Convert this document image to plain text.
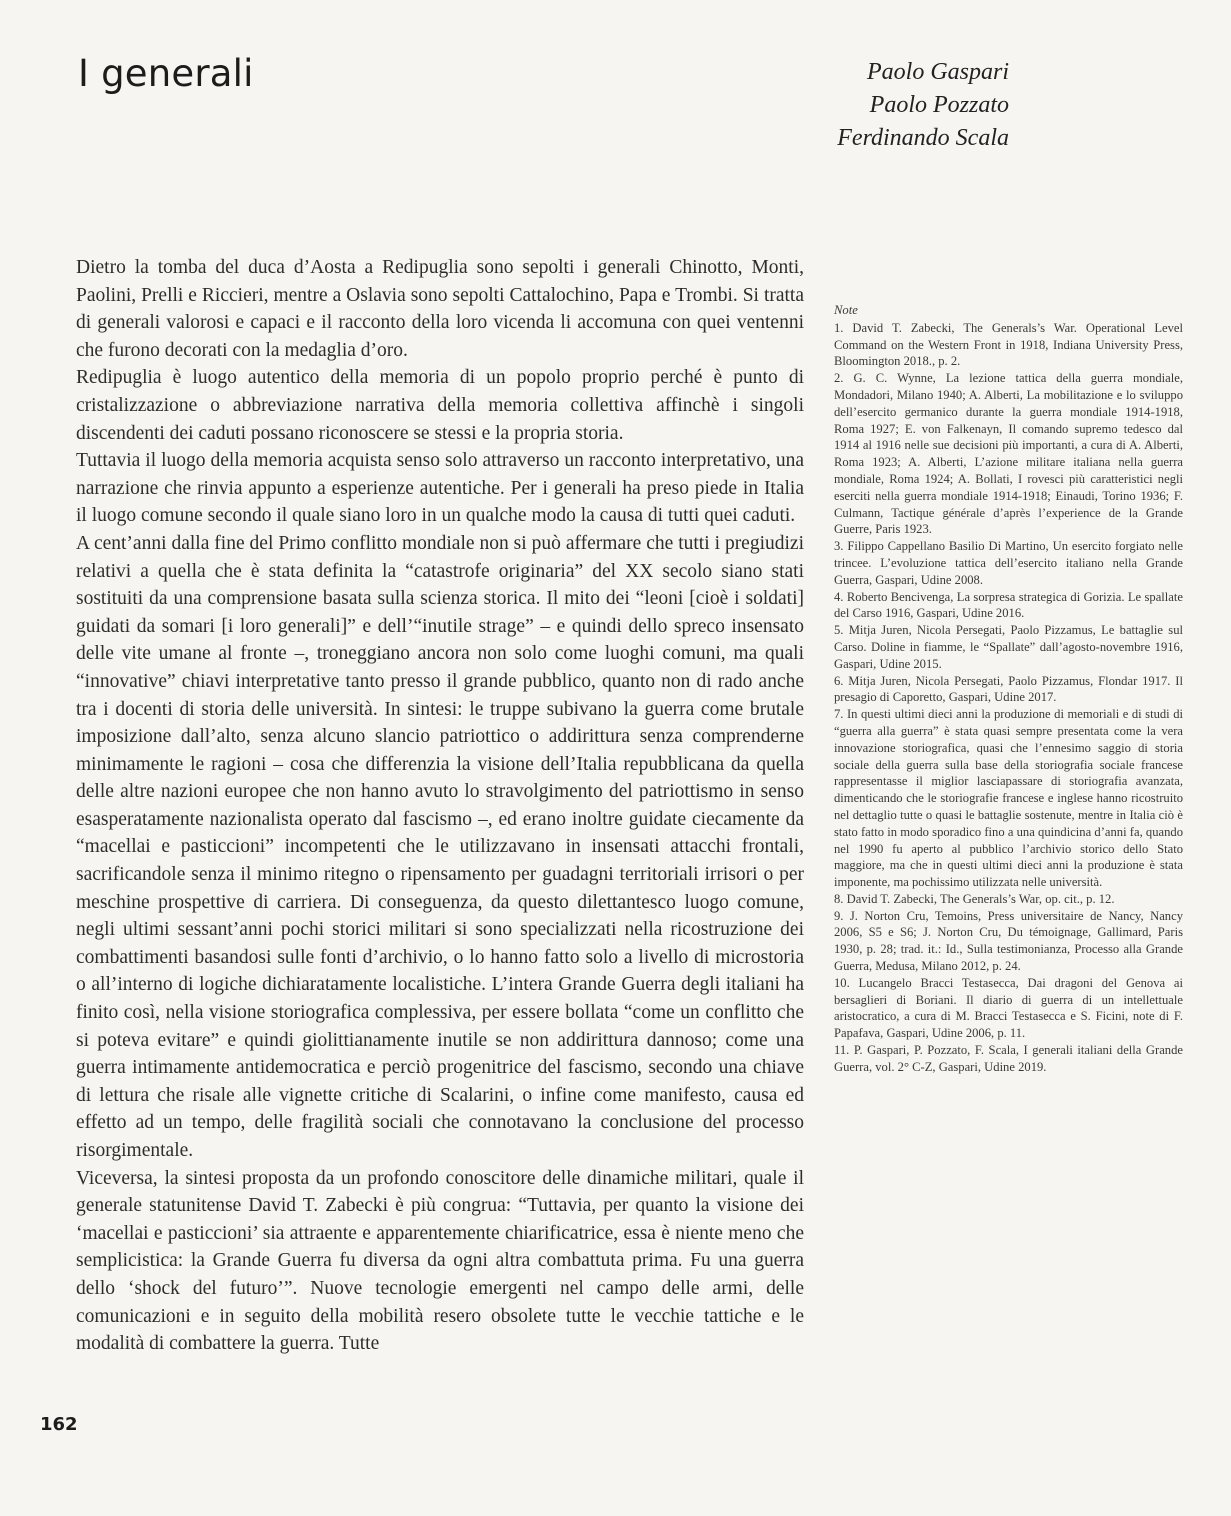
I generali	Paolo Gaspari
Paolo Pozzato
Ferdinando Scala

Dietro la tomba del duca d’Aosta a Redipuglia sono sepolti i generali Chinotto, Monti, Paolini, Prelli e Riccieri, mentre a Oslavia sono sepolti Cattalochino, Papa e Trombi. Si tratta di generali valorosi e capaci e il racconto della loro vicenda li accomuna con quei ventenni che furono decorati con la medaglia d’oro.

Redipuglia è luogo autentico della memoria di un popolo proprio perché è punto di cristalizzazione o abbreviazione narrativa della memoria collettiva affinchè i singoli discendenti dei caduti possano riconoscere se stessi e la propria storia.

Tuttavia il luogo della memoria acquista senso solo attraverso un racconto interpretativo, una narrazione che rinvia appunto a esperienze autentiche. Per i generali ha preso piede in Italia il luogo comune secondo il quale siano loro in un qualche modo la causa di tutti quei caduti.

A cent’anni dalla fine del Primo conflitto mondiale non si può affermare che tutti i pregiudizi relativi a quella che è stata definita la “catastrofe originaria” del XX secolo siano stati sostituiti da una comprensione basata sulla scienza storica. Il mito dei “leoni [cioè i soldati] guidati da somari [i loro generali]” e dell’“inutile strage” – e quindi dello spreco insensato delle vite umane al fronte –, troneggiano ancora non solo come luoghi comuni, ma quali “innovative” chiavi interpretative tanto presso il grande pubblico, quanto non di rado anche tra i docenti di storia delle università. In sintesi: le truppe subivano la guerra come brutale imposizione dall’alto, senza alcuno slancio patriottico o addirittura senza comprenderne minimamente le ragioni – cosa che differenzia la visione dell’Italia repubblicana da quella delle altre nazioni europee che non hanno avuto lo stravolgimento del patriottismo in senso esasperatamente nazionalista operato dal fascismo –, ed erano inoltre guidate ciecamente da “macellai e pasticcioni” incompetenti che le utilizzavano in insensati attacchi frontali, sacrificandole senza il minimo ritegno o ripensamento per guadagni territoriali irrisori o per meschine prospettive di carriera. Di conseguenza, da questo dilettantesco luogo comune, negli ultimi sessant’anni pochi storici militari si sono specializzati nella ricostruzione dei combattimenti basandosi sulle fonti d’archivio, o lo hanno fatto solo a livello di microstoria o all’interno di logiche dichiaratamente localistiche. L’intera Grande Guerra degli italiani ha finito così, nella visione storiografica complessiva, per essere bollata “come un conflitto che si poteva evitare” e quindi giolittianamente inutile se non addirittura dannoso; come una guerra intimamente antidemocratica e perciò progenitrice del fascismo, secondo una chiave di lettura che risale alle vignette critiche di Scalarini, o infine come manifesto, causa ed effetto ad un tempo, delle fragilità sociali che connotavano la conclusione del processo risorgimentale.

Viceversa, la sintesi proposta da un profondo conoscitore delle dinamiche militari, quale il generale statunitense David T. Zabecki è più congrua: “Tuttavia, per quanto la visione dei ‘macellai e pasticcioni’ sia attraente e apparentemente chiarificatrice, essa è niente meno che semplicistica: la Grande Guerra fu diversa da ogni altra combattuta prima. Fu una guerra dello ‘shock del futuro’”. Nuove tecnologie emergenti nel campo delle armi, delle comunicazioni e in seguito della mobilità resero obsolete tutte le vecchie tattiche e le modalità di combattere la guerra. Tutte

Note

1. David T. Zabecki, The Generals’s War. Operational Level Command on the Western Front in 1918, Indiana University Press, Bloomington 2018., p. 2.

2. G. C. Wynne, La lezione tattica della guerra mondiale, Mondadori, Milano 1940; A. Alberti, La mobilitazione e lo sviluppo dell’esercito germanico durante la guerra mondiale 1914-1918, Roma 1927; E. von Falkenayn, Il comando supremo tedesco dal 1914 al 1916 nelle sue decisioni più importanti, a cura di A. Alberti, Roma 1923; A. Alberti, L’azione militare italiana nella guerra mondiale, Roma 1924; A. Bollati, I rovesci più caratteristici negli eserciti nella guerra mondiale 1914-1918; Einaudi, Torino 1936; F. Culmann, Tactique générale d’après l’experience de la Grande Guerre, Paris 1923.

3. Filippo Cappellano Basilio Di Martino, Un esercito forgiato nelle trincee. L’evoluzione tattica dell’esercito italiano nella Grande Guerra, Gaspari, Udine 2008.

4. Roberto Bencivenga, La sorpresa strategica di Gorizia. Le spallate del Carso 1916, Gaspari, Udine 2016.

5. Mitja Juren, Nicola Persegati, Paolo Pizzamus, Le battaglie sul Carso. Doline in fiamme, le “Spallate” dall’agosto-novembre 1916, Gaspari, Udine 2015.

6. Mitja Juren, Nicola Persegati, Paolo Pizzamus, Flondar 1917. Il presagio di Caporetto, Gaspari, Udine 2017.

7. In questi ultimi dieci anni la produzione di memoriali e di studi di “guerra alla guerra” è stata quasi sempre presentata come la vera innovazione storiografica, quasi che l’ennesimo saggio di storia sociale della guerra sulla base della storiografia sociale francese rappresentasse il miglior lasciapassare di storiografia avanzata, dimenticando che le storiografie francese e inglese hanno ricostruito nel dettaglio tutte o quasi le battaglie sostenute, mentre in Italia ciò è stato fatto in modo sporadico fino a una quindicina d’anni fa, quando nel 1990 fu aperto al pubblico l’archivio storico dello Stato maggiore, ma che in questi ultimi dieci anni la produzione è stata imponente, ma pochissimo utilizzata nelle università.

8. David T. Zabecki, The Generals’s War, op. cit., p. 12.

9. J. Norton Cru, Temoins, Press universitaire de Nancy, Nancy 2006, S5 e S6; J. Norton Cru, Du témoignage, Gallimard, Paris 1930, p. 28; trad. it.: Id., Sulla testimonianza, Processo alla Grande Guerra, Medusa, Milano 2012, p. 24.

10. Lucangelo Bracci Testasecca, Dai dragoni del Genova ai bersaglieri di Boriani. Il diario di guerra di un intellettuale aristocratico, a cura di M. Bracci Testasecca e S. Ficini, note di F. Papafava, Gaspari, Udine 2006, p. 11.

11. P. Gaspari, P. Pozzato, F. Scala, I generali italiani della Grande Guerra, vol. 2° C-Z, Gaspari, Udine 2019.

162
